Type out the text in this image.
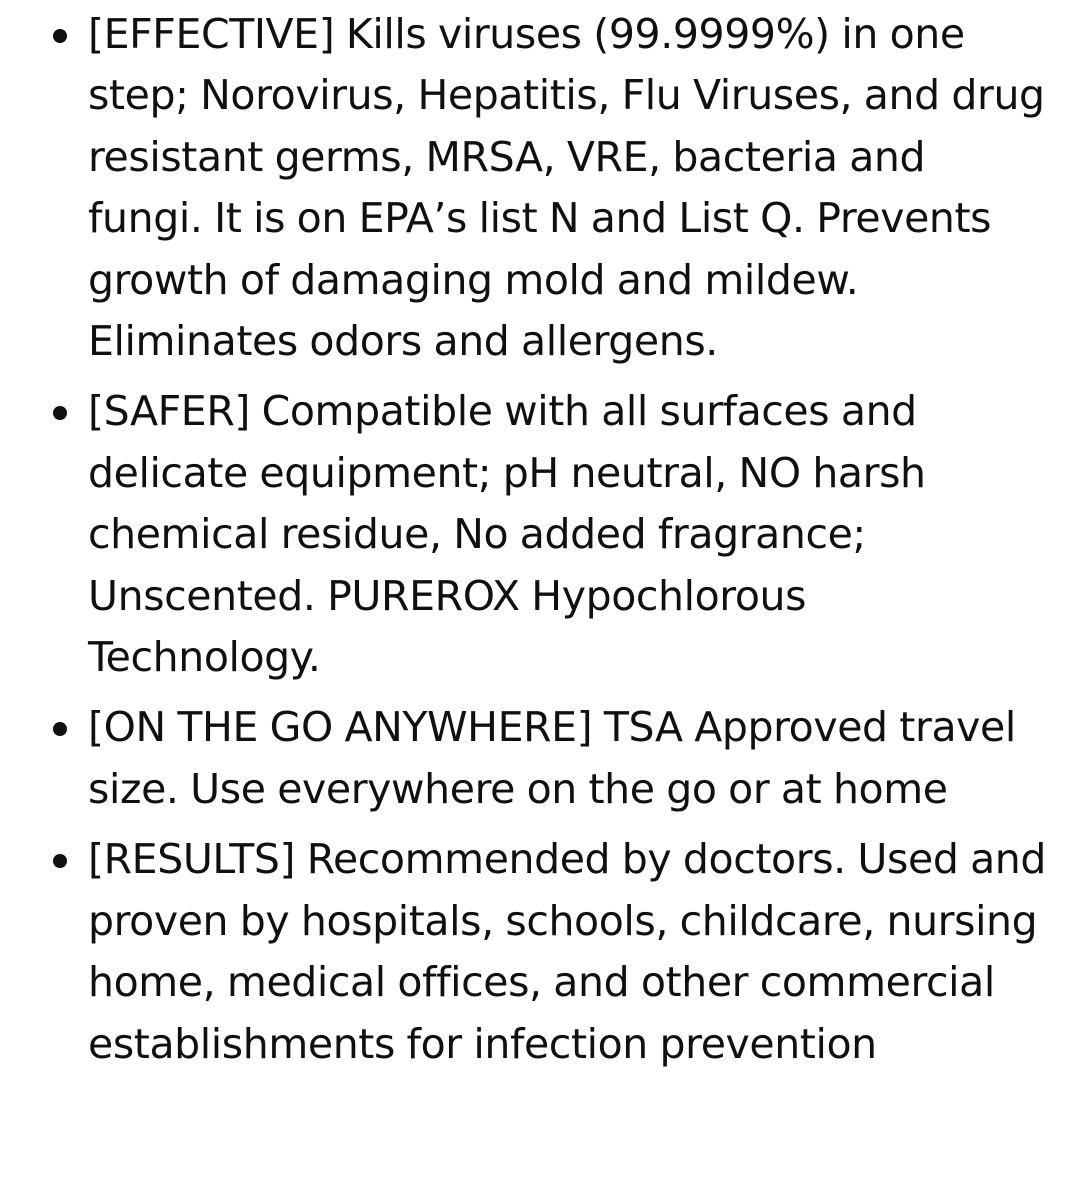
[EFFECTIVE] Kills viruses (99.9999%) in one step; Norovirus, Hepatitis, Flu Viruses, and drug resistant germs, MRSA, VRE, bacteria and fungi. It is on EPA’s list N and List Q. Prevents growth of damaging mold and mildew. Eliminates odors and allergens.
[SAFER] Compatible with all surfaces and delicate equipment; pH neutral, NO harsh chemical residue, No added fragrance; Unscented. PUREROX Hypochlorous Technology.
[ON THE GO ANYWHERE] TSA Approved travel size. Use everywhere on the go or at home
[RESULTS] Recommended by doctors. Used and proven by hospitals, schools, childcare, nursing home, medical offices, and other commercial establishments for infection prevention
